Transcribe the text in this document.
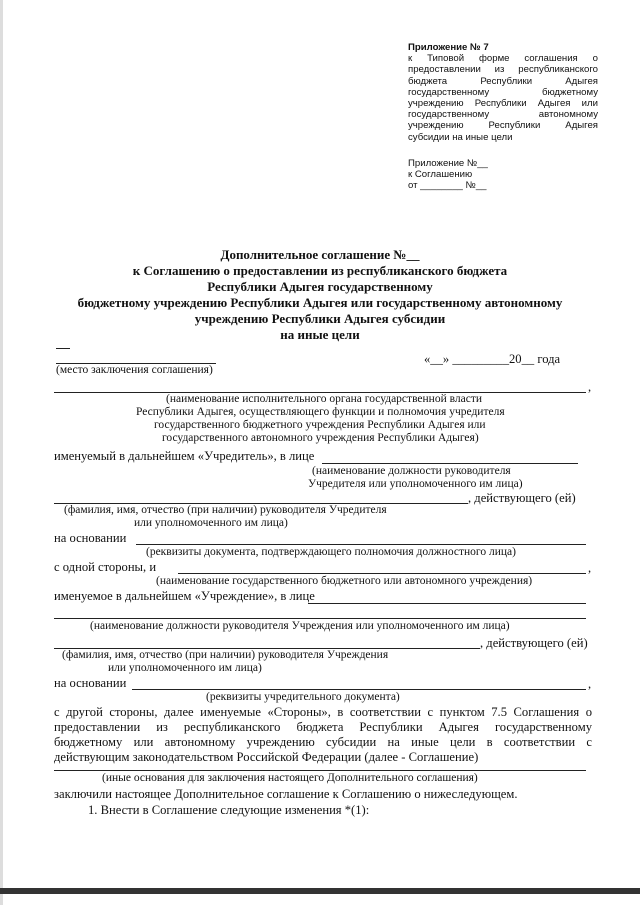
Приложение № 7
к Типовой форме соглашения о
предоставлении из республиканского
бюджета Республики Адыгея
государственному бюджетному
учреждению Республики Адыгея или
государственному автономному
учреждению Республики Адыгея
субсидии на иные цели
Приложение №__
к Соглашению
от ________ №__
Дополнительное соглашение №__
к Соглашению о предоставлении из республиканского бюджета
Республики Адыгея государственному
бюджетному учреждению Республики Адыгея или государственному автономному
учреждению Республики Адыгея субсидии
на иные цели
(место заключения соглашения)
«__» _________20__ года
,
(наименование исполнительного органа государственной власти
Республики Адыгея, осуществляющего функции и полномочия учредителя
государственного бюджетного учреждения Республики Адыгея или
государственного автономного учреждения Республики Адыгея)
именуемый в дальнейшем «Учредитель», в лице
(наименование должности руководителя
Учредителя или уполномоченного им лица)
, действующего (ей)
(фамилия, имя, отчество (при наличии) руководителя Учредителя
или уполномоченного им лица)
на основании
(реквизиты документа, подтверждающего полномочия должностного лица)
с одной стороны, и	,
(наименование государственного бюджетного или автономного учреждения)
именуемое в дальнейшем «Учреждение», в лице
(наименование должности руководителя Учреждения или уполномоченного им лица)
, действующего (ей)
(фамилия, имя, отчество (при наличии) руководителя Учреждения
или уполномоченного им лица)
на основании	,
(реквизиты учредительного документа)
с другой стороны, далее именуемые «Стороны», в соответствии с пунктом 7.5 Соглашения о
предоставлении из республиканского бюджета Республики Адыгея государственному
бюджетному или автономному учреждению субсидии на иные цели в соответствии с
действующим законодательством Российской Федерации (далее - Соглашение)
(иные основания для заключения настоящего Дополнительного соглашения)
заключили настоящее Дополнительное соглашение к Соглашению о нижеследующем.
1. Внести в Соглашение следующие изменения *(1):
